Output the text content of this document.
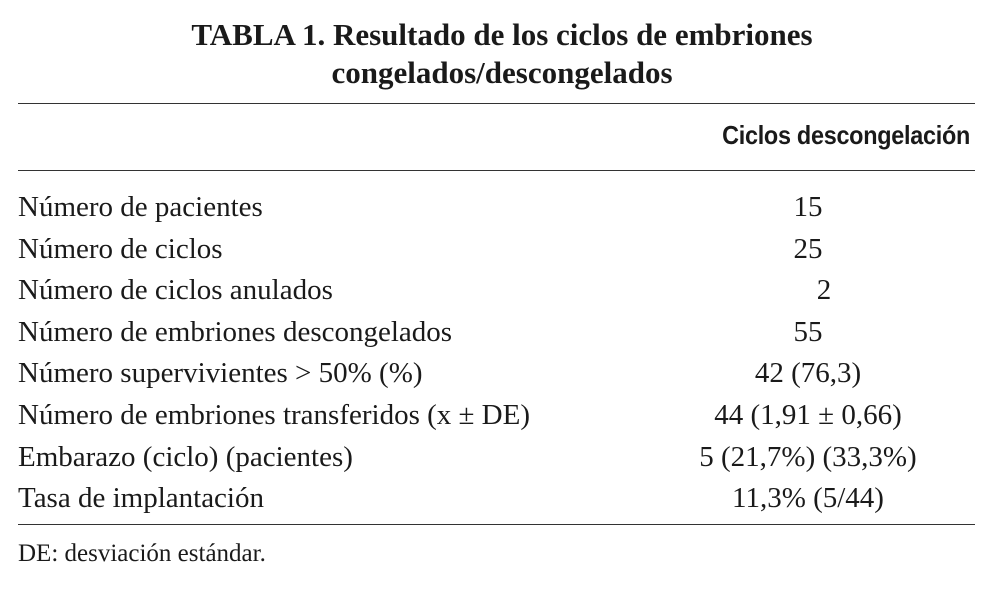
TABLA 1. Resultado de los ciclos de embriones
congelados/descongelados
Ciclos descongelación
Número de pacientes	15
Número de ciclos	25
Número de ciclos anulados	2
Número de embriones descongelados	55
Número supervivientes > 50% (%)	42 (76,3)
Número de embriones transferidos (x ± DE)	44 (1,91 ± 0,66)
Embarazo (ciclo) (pacientes)	5 (21,7%) (33,3%)
Tasa de implantación	11,3% (5/44)
DE: desviación estándar.
